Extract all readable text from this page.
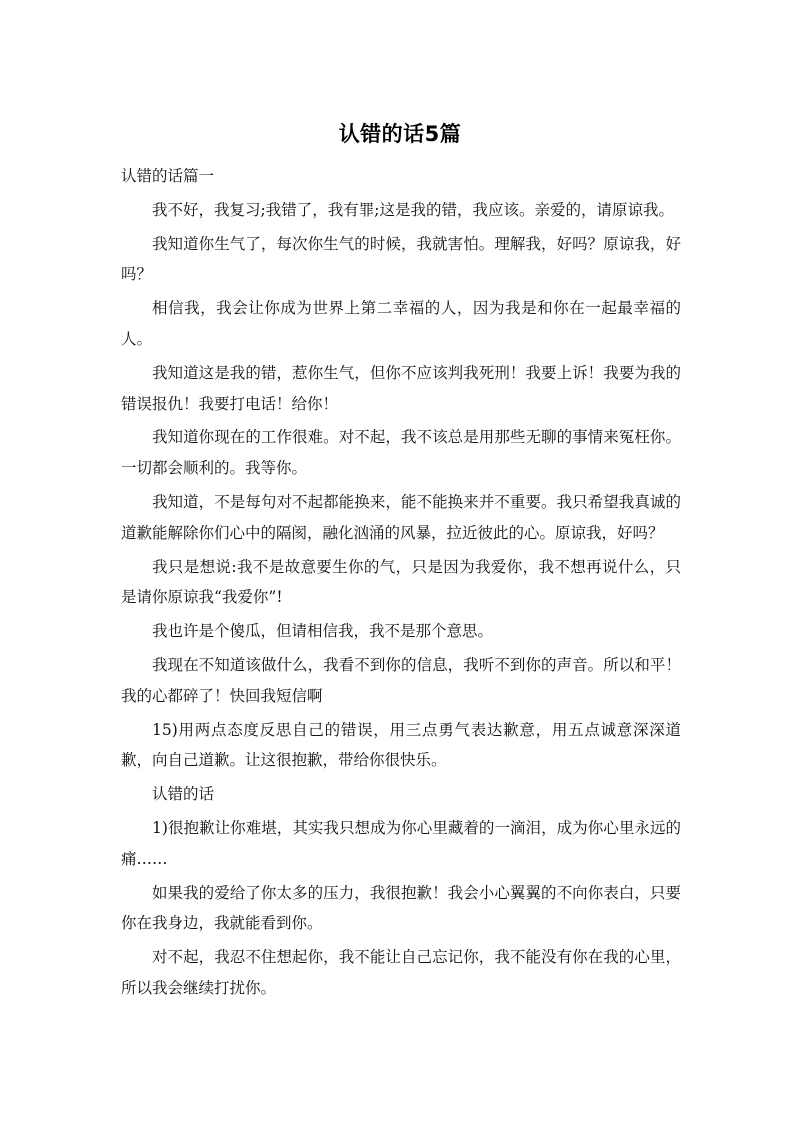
认错的话5篇

认错的话篇一

我不好，我复习;我错了，我有罪;这是我的错，我应该。亲爱的，请原谅我。

我知道你生气了，每次你生气的时候，我就害怕。理解我，好吗？原谅我，好吗？

相信我，我会让你成为世界上第二幸福的人，因为我是和你在一起最幸福的人。

我知道这是我的错，惹你生气，但你不应该判我死刑！我要上诉！我要为我的错误报仇！我要打电话！给你！

我知道你现在的工作很难。对不起，我不该总是用那些无聊的事情来冤枉你。一切都会顺利的。我等你。

我知道，不是每句对不起都能换来，能不能换来并不重要。我只希望我真诚的道歉能解除你们心中的隔阂，融化汹涌的风暴，拉近彼此的心。原谅我，好吗？

我只是想说:我不是故意要生你的气，只是因为我爱你，我不想再说什么，只是请你原谅我“我爱你”!

我也许是个傻瓜，但请相信我，我不是那个意思。

我现在不知道该做什么，我看不到你的信息，我听不到你的声音。所以和平！我的心都碎了！快回我短信啊

15)用两点态度反思自己的错误，用三点勇气表达歉意，用五点诚意深深道歉，向自己道歉。让这很抱歉，带给你很快乐。

认错的话

1)很抱歉让你难堪，其实我只想成为你心里藏着的一滴泪，成为你心里永远的痛……

如果我的爱给了你太多的压力，我很抱歉！我会小心翼翼的不向你表白，只要你在我身边，我就能看到你。

对不起，我忍不住想起你，我不能让自己忘记你，我不能没有你在我的心里，所以我会继续打扰你。
